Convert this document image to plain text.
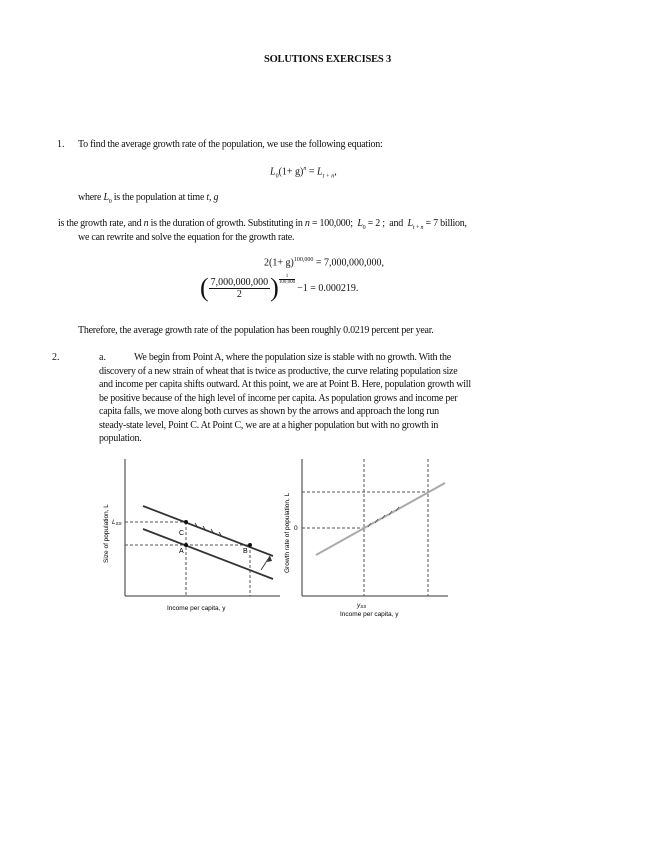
SOLUTIONS EXERCISES 3
1. To find the average growth rate of the population, we use the following equation:
$L_0(1+ g)^n = L_{t + n}$,
where $L_0$ is the population at time t, g
is the growth rate, and n is the duration of growth. Substituting in n = 100,000; $L_0 = 2$ ; and $L_{t + n} = 7$ billion,
we can rewrite and solve the equation for the growth rate.
$2(1+ g)^{100,000} = 7,000,000,000$,
( $\frac{7,000,000,000}{2}$ ) $\frac{1}{100,000}$
−1 = 0.000219.
Therefore, the average growth rate of the population has been roughly 0.0219 percent per year.
2.	a.	We begin from Point A, where the population size is stable with no growth. With the
discovery of a new strain of wheat that is twice as productive, the curve relating population size
and income per capita shifts outward. At this point, we are at Point B. Here, population growth will
be positive because of the high level of income per capita. As population grows and income per
capita falls, we move along both curves as shown by the arrows and approach the long run
steady-state level, Point C. At Point C, we are at a higher population but with no growth in
population.
C
A	B
LSS
Income per capita, y
Size of population, L	0
ySS
Income per capita, y
Growth rate of population, L
